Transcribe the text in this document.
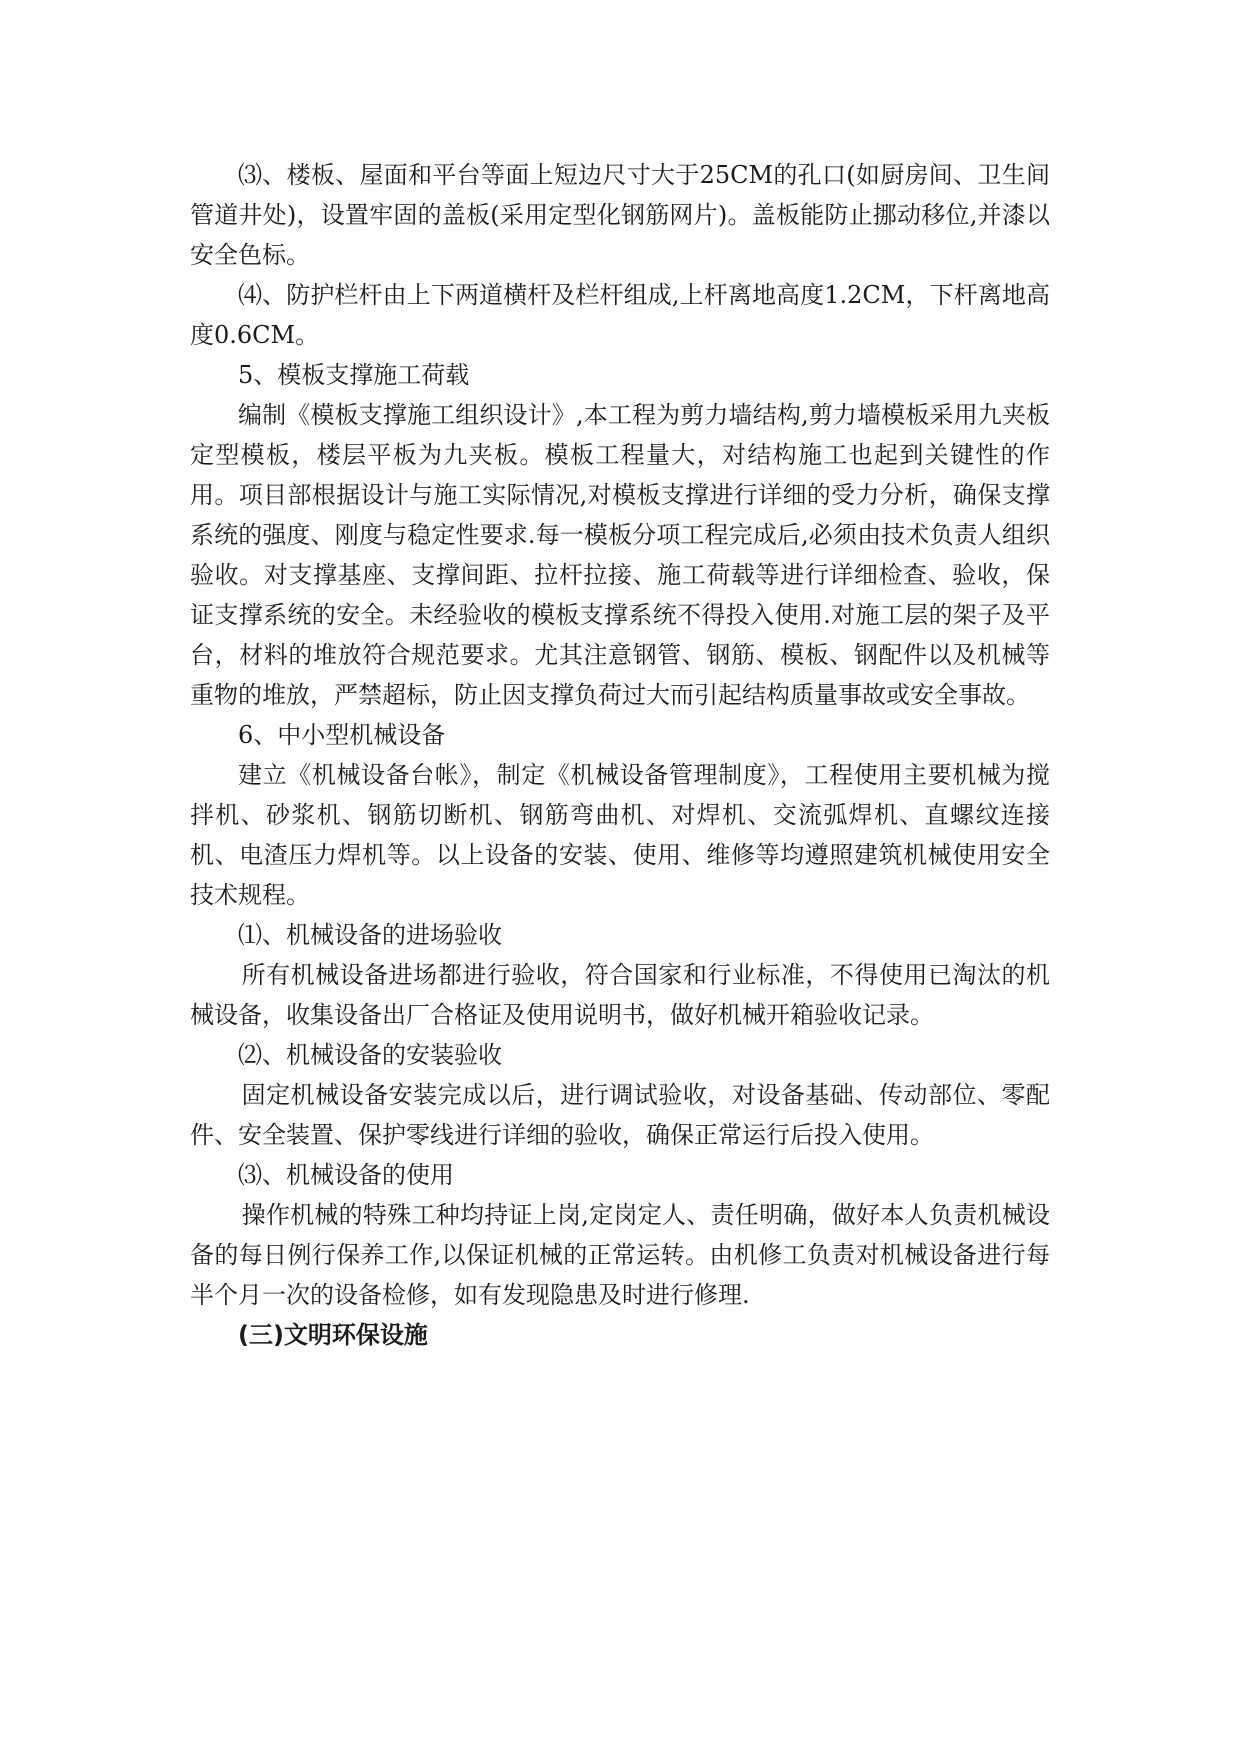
⑶、楼板、屋面和平台等面上短边尺寸大于25CM的孔口(如厨房间、卫生间管道井处)，设置牢固的盖板(采用定型化钢筋网片)。盖板能防止挪动移位,并漆以安全色标。

⑷、防护栏杆由上下两道横杆及栏杆组成,上杆离地高度1.2CM，下杆离地高度0.6CM。

5、模板支撑施工荷载

编制《模板支撑施工组织设计》,本工程为剪力墙结构,剪力墙模板采用九夹板定型模板，楼层平板为九夹板。模板工程量大，对结构施工也起到关键性的作用。项目部根据设计与施工实际情况,对模板支撑进行详细的受力分析，确保支撑系统的强度、刚度与稳定性要求.每一模板分项工程完成后,必须由技术负责人组织验收。对支撑基座、支撑间距、拉杆拉接、施工荷载等进行详细检查、验收，保证支撑系统的安全。未经验收的模板支撑系统不得投入使用.对施工层的架子及平台，材料的堆放符合规范要求。尤其注意钢管、钢筋、模板、钢配件以及机械等重物的堆放，严禁超标，防止因支撑负荷过大而引起结构质量事故或安全事故。

6、中小型机械设备

建立《机械设备台帐》，制定《机械设备管理制度》，工程使用主要机械为搅拌机、砂浆机、钢筋切断机、钢筋弯曲机、对焊机、交流弧焊机、直螺纹连接机、电渣压力焊机等。以上设备的安装、使用、维修等均遵照建筑机械使用安全技术规程。

⑴、机械设备的进场验收

所有机械设备进场都进行验收，符合国家和行业标准，不得使用已淘汰的机械设备，收集设备出厂合格证及使用说明书，做好机械开箱验收记录。

⑵、机械设备的安装验收

固定机械设备安装完成以后，进行调试验收，对设备基础、传动部位、零配件、安全装置、保护零线进行详细的验收，确保正常运行后投入使用。

⑶、机械设备的使用

操作机械的特殊工种均持证上岗,定岗定人、责任明确，做好本人负责机械设备的每日例行保养工作,以保证机械的正常运转。由机修工负责对机械设备进行每半个月一次的设备检修，如有发现隐患及时进行修理.

(三)文明环保设施
